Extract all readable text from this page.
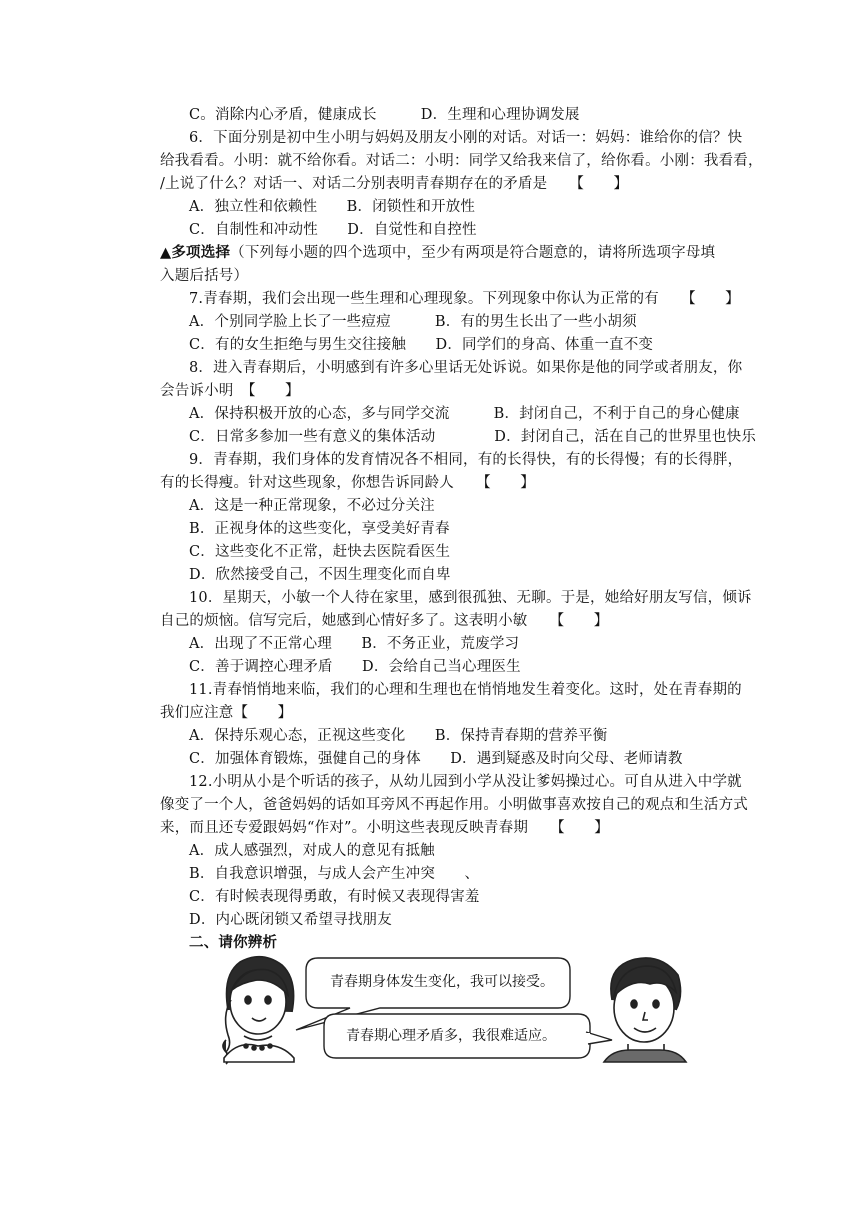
C。消除内心矛盾，健康成长　　　D．生理和心理协调发展
6．下面分别是初中生小明与妈妈及朋友小刚的对话。对话一：妈妈：谁给你的信？快
给我看看。小明：就不给你看。对话二：小明：同学又给我来信了，给你看。小刚：我看看，
/上说了什么？对话一、对话二分别表明青春期存在的矛盾是　　【　　】
A．独立性和依赖性　　B．闭锁性和开放性
C．自制性和冲动性　　D．自觉性和自控性
▲多项选择（下列每小题的四个选项中，至少有两项是符合题意的，请将所选项字母填
入题后括号）
7.青春期，我们会出现一些生理和心理现象。下列现象中你认为正常的有　　【　　】
A．个别同学脸上长了一些痘痘　　　B．有的男生长出了一些小胡须
C．有的女生拒绝与男生交往接触　　D．同学们的身高、体重一直不变
8．进入青春期后，小明感到有许多心里话无处诉说。如果你是他的同学或者朋友，你
会告诉小明　【　　】
A．保持积极开放的心态，多与同学交流　　　B．封闭自己，不利于自己的身心健康
C．日常多参加一些有意义的集体活动　　　　D．封闭自己，活在自己的世界里也快乐
9．青春期，我们身体的发育情况各不相同，有的长得快，有的长得慢；有的长得胖，
有的长得瘦。针对这些现象，你想告诉同龄人　　【　　】
A．这是一种正常现象，不必过分关注
B．正视身体的这些变化，享受美好青春
C．这些变化不正常，赶快去医院看医生
D．欣然接受自己，不因生理变化而自卑
10．星期天，小敏一个人待在家里，感到很孤独、无聊。于是，她给好朋友写信，倾诉
自己的烦恼。信写完后，她感到心情好多了。这表明小敏　　【　　】
A．出现了不正常心理　　B．不务正业，荒废学习
C．善于调控心理矛盾　　D．会给自己当心理医生
11.青春悄悄地来临，我们的心理和生理也在悄悄地发生着变化。这时，处在青春期的
我们应注意【　　】
A．保持乐观心态，正视这些变化　　B．保持青春期的营养平衡
C．加强体育锻炼，强健自己的身体　　D．遇到疑惑及时向父母、老师请教
12.小明从小是个听话的孩子，从幼儿园到小学从没让爹妈操过心。可自从进入中学就
像变了一个人，爸爸妈妈的话如耳旁风不再起作用。小明做事喜欢按自己的观点和生活方式
来，而且还专爱跟妈妈“作对”。小明这些表现反映青春期　　【　　】
A．成人感强烈，对成人的意见有抵触
B．自我意识增强，与成人会产生冲突　　、
C．有时候表现得勇敢，有时候又表现得害羞
D．内心既闭锁又希望寻找朋友
二、请你辨析
青春期身体发生变化，我可以接受。
青春期心理矛盾多，我很难适应。
